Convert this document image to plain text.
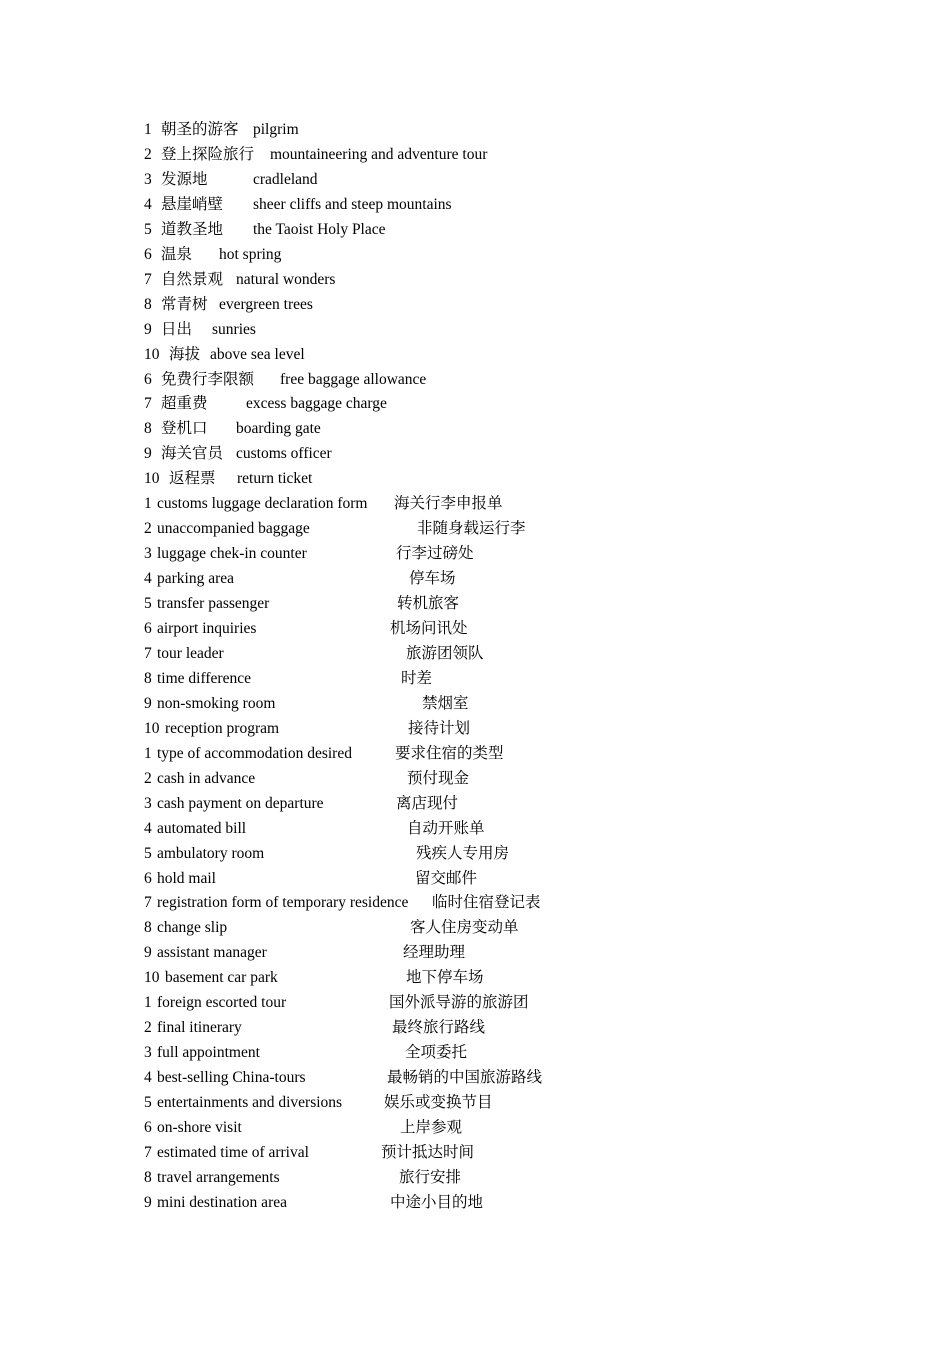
1 朝圣的游客 pilgrim
2 登上探险旅行 mountaineering and adventure tour
3 发源地	cradleland
4 悬崖峭壁 sheer cliffs and steep mountains
5 道教圣地 the Taoist Holy Place
6 温泉 hot spring
7 自然景观 natural wonders
8 常青树 evergreen trees
9 日出 sunries
10 海拔 above sea level
6 免费行李限额 free baggage allowance
7 超重费 excess baggage charge
8 登机口 boarding gate
9 海关官员 customs officer
10 返程票 return ticket
1 customs luggage declaration form 海关行李申报单
2 unaccompanied baggage	非随身载运行李
3 luggage chek-in counter	行李过磅处
4 parking area	停车场
5 transfer passenger	转机旅客
6 airport inquiries	机场问讯处
7 tour leader	旅游团领队
8 time difference	时差
9 non-smoking room	禁烟室
10 reception program	接待计划
1 type of accommodation desired	要求住宿的类型
2 cash in advance	预付现金
3 cash payment on departure	离店现付
4 automated bill	自动开账单
5 ambulatory room	残疾人专用房
6 hold mail	留交邮件
7 registration form of temporary residence 临时住宿登记表
8 change slip	客人住房变动单
9 assistant manager	经理助理
10 basement car park	地下停车场
1 foreign escorted tour	国外派导游的旅游团
2 final itinerary	最终旅行路线
3 full appointment	全项委托
4 best-selling China-tours	最畅销的中国旅游路线
5 entertainments and diversions	娱乐或变换节目
6 on-shore visit	上岸参观
7 estimated time of arrival	预计抵达时间
8 travel arrangements	旅行安排
9 mini destination area	中途小目的地
